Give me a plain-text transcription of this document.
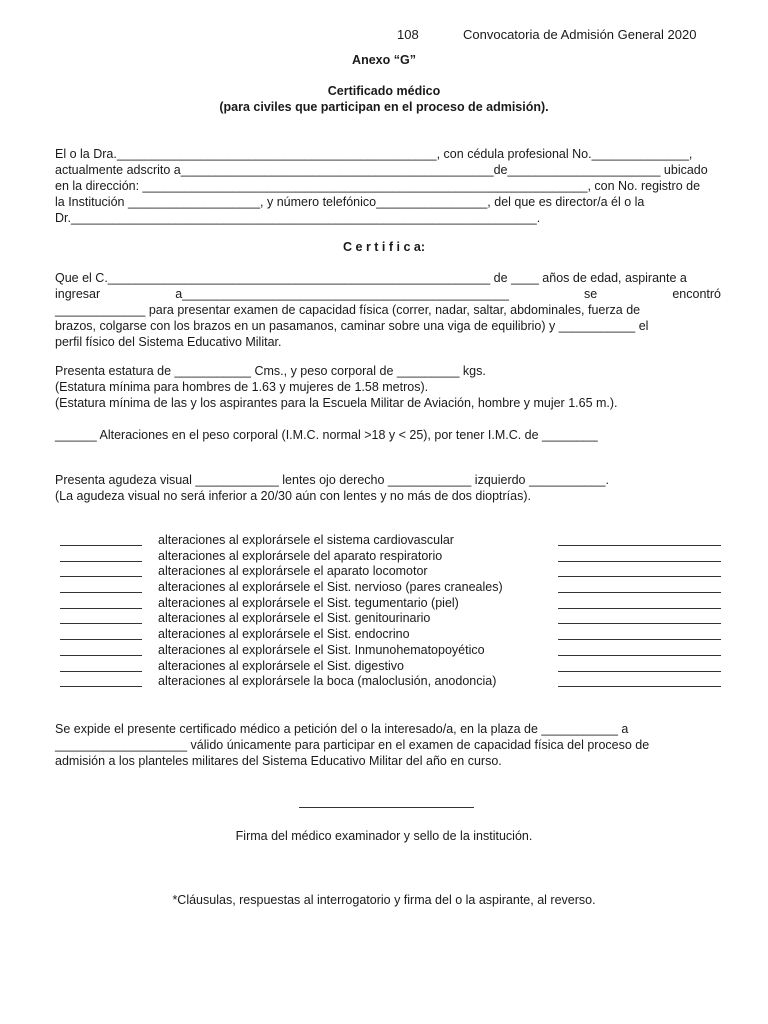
108	Convocatoria de Admisión General 2020
Anexo “G”
Certificado médico
(para civiles que participan en el proceso de admisión).
El o la Dra.______________________________________________, con cédula profesional No.______________,
actualmente adscrito a_____________________________________________de______________________ ubicado
en la dirección: ________________________________________________________________, con No. registro de
la Institución ___________________, y número telefónico________________, del que es director/a él o la
Dr.___________________________________________________________________.
C e r t i f i c a:
Que el C._______________________________________________________ de ____ años de edad, aspirante a
ingresar a_______________________________________________ se encontró
_____________ para presentar examen de capacidad física (correr, nadar, saltar, abdominales, fuerza de
brazos, colgarse con los brazos en un pasamanos, caminar sobre una viga de equilibrio) y ___________ el
perfil físico del Sistema Educativo Militar.
Presenta estatura de ___________ Cms., y peso corporal de _________ kgs.
(Estatura mínima para hombres de 1.63 y mujeres de 1.58 metros).
(Estatura mínima de las y los aspirantes para la Escuela Militar de Aviación, hombre y mujer 1.65 m.).
______ Alteraciones en el peso corporal (I.M.C. normal >18 y < 25), por tener I.M.C. de ________
Presenta agudeza visual ____________ lentes ojo derecho ____________ izquierdo ___________.
(La agudeza visual no será inferior a 20/30 aún con lentes y no más de dos dioptrías).
alteraciones al explorársele el sistema cardiovascular
alteraciones al explorársele del aparato respiratorio
alteraciones al explorársele el aparato locomotor
alteraciones al explorársele el Sist. nervioso (pares craneales)
alteraciones al explorársele el Sist. tegumentario (piel)
alteraciones al explorársele el Sist. genitourinario
alteraciones al explorársele el Sist. endocrino
alteraciones al explorársele el Sist. Inmunohematopoyético
alteraciones al explorársele el Sist. digestivo
alteraciones al explorársele la boca (maloclusión, anodoncia)
Se expide el presente certificado médico a petición del o la interesado/a, en la plaza de ___________ a
___________________ válido únicamente para participar en el examen de capacidad física del proceso de
admisión a los planteles militares del Sistema Educativo Militar del año en curso.
Firma del médico examinador y sello de la institución.
*Cláusulas, respuestas al interrogatorio y firma del o la aspirante, al reverso.
